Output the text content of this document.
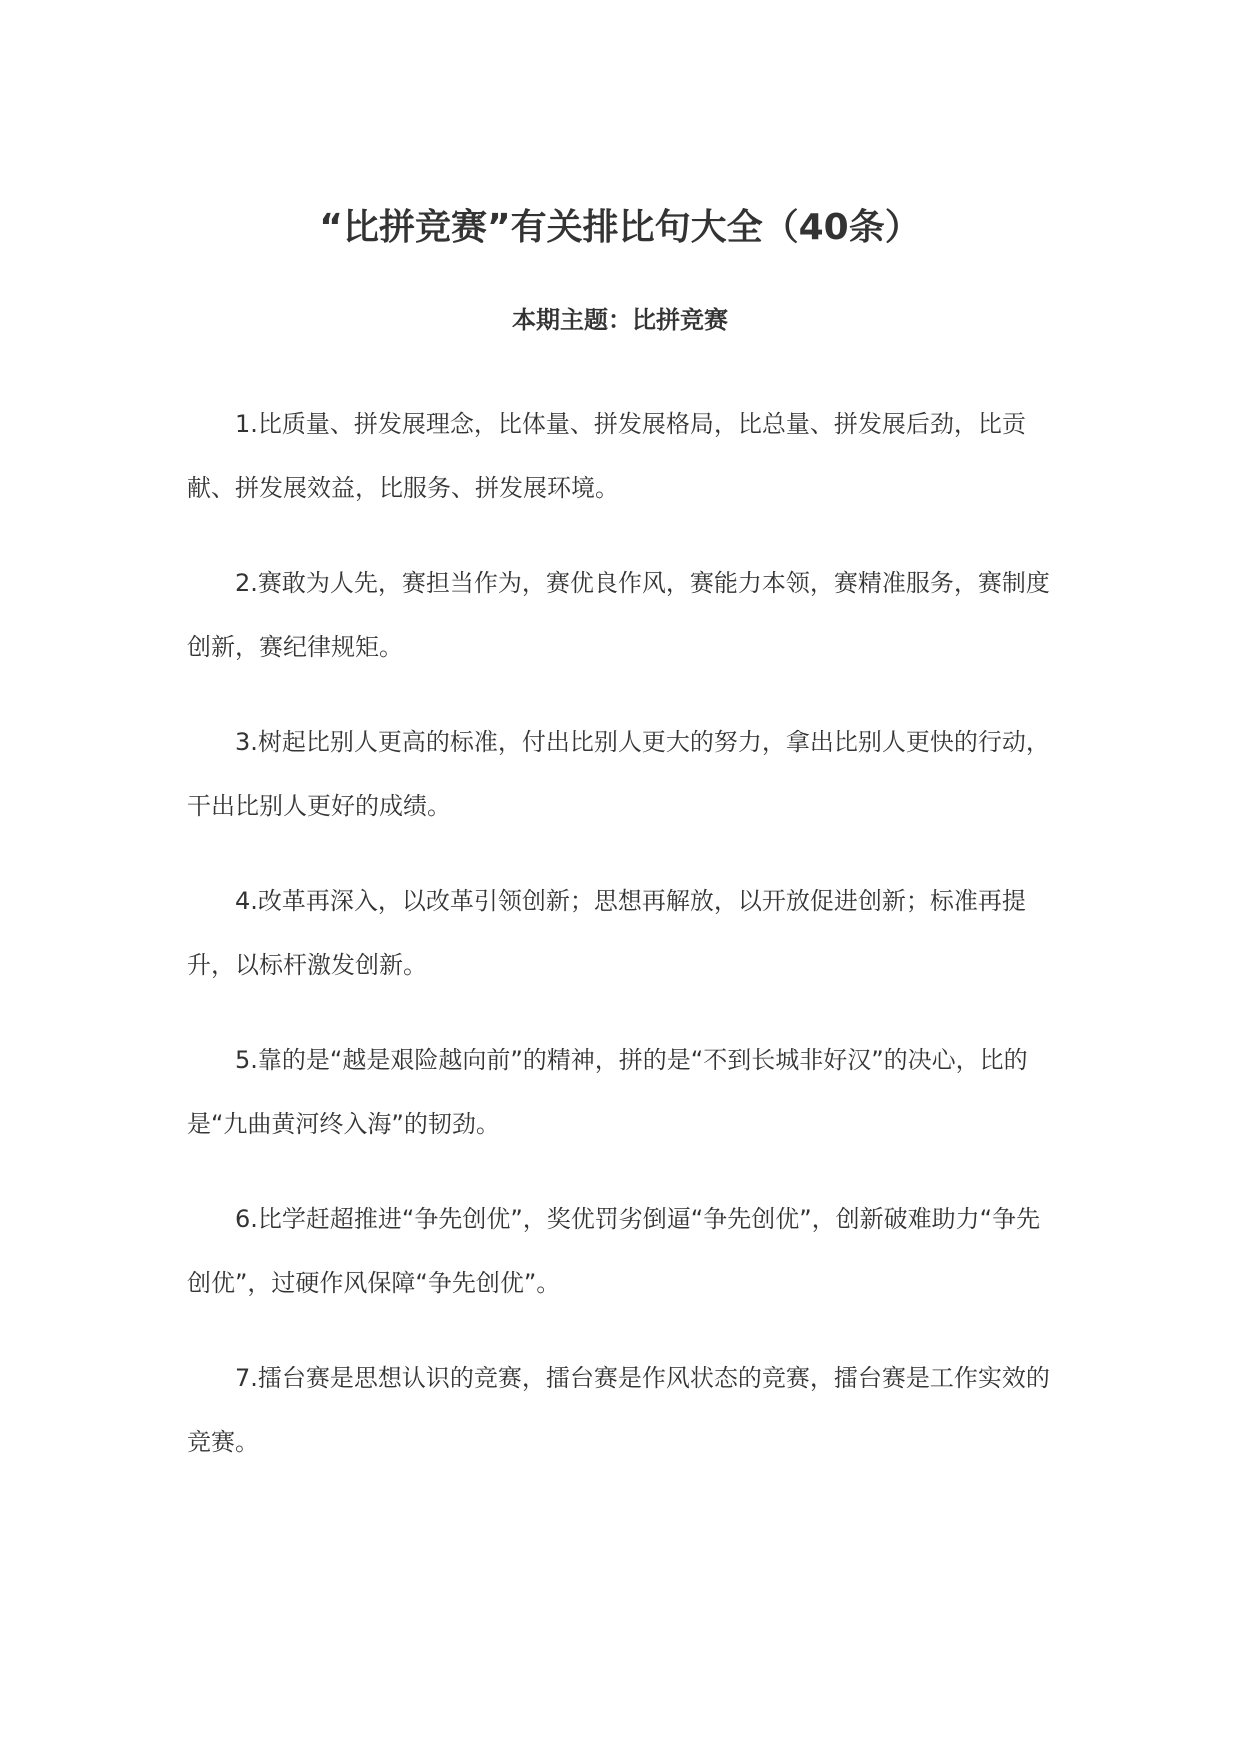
“比拼竞赛”有关排比句大全（40条）
本期主题：比拼竞赛
1.比质量、拼发展理念，比体量、拼发展格局，比总量、拼发展后劲，比贡献、拼发展效益，比服务、拼发展环境。
2.赛敢为人先，赛担当作为，赛优良作风，赛能力本领，赛精准服务，赛制度创新，赛纪律规矩。
3.树起比别人更高的标准，付出比别人更大的努力，拿出比别人更快的行动，干出比别人更好的成绩。
4.改革再深入，以改革引领创新；思想再解放，以开放促进创新；标准再提升，以标杆激发创新。
5.靠的是“越是艰险越向前”的精神，拼的是“不到长城非好汉”的决心，比的是“九曲黄河终入海”的韧劲。
6.比学赶超推进“争先创优”，奖优罚劣倒逼“争先创优”，创新破难助力“争先创优”，过硬作风保障“争先创优”。
7.擂台赛是思想认识的竞赛，擂台赛是作风状态的竞赛，擂台赛是工作实效的竞赛。
